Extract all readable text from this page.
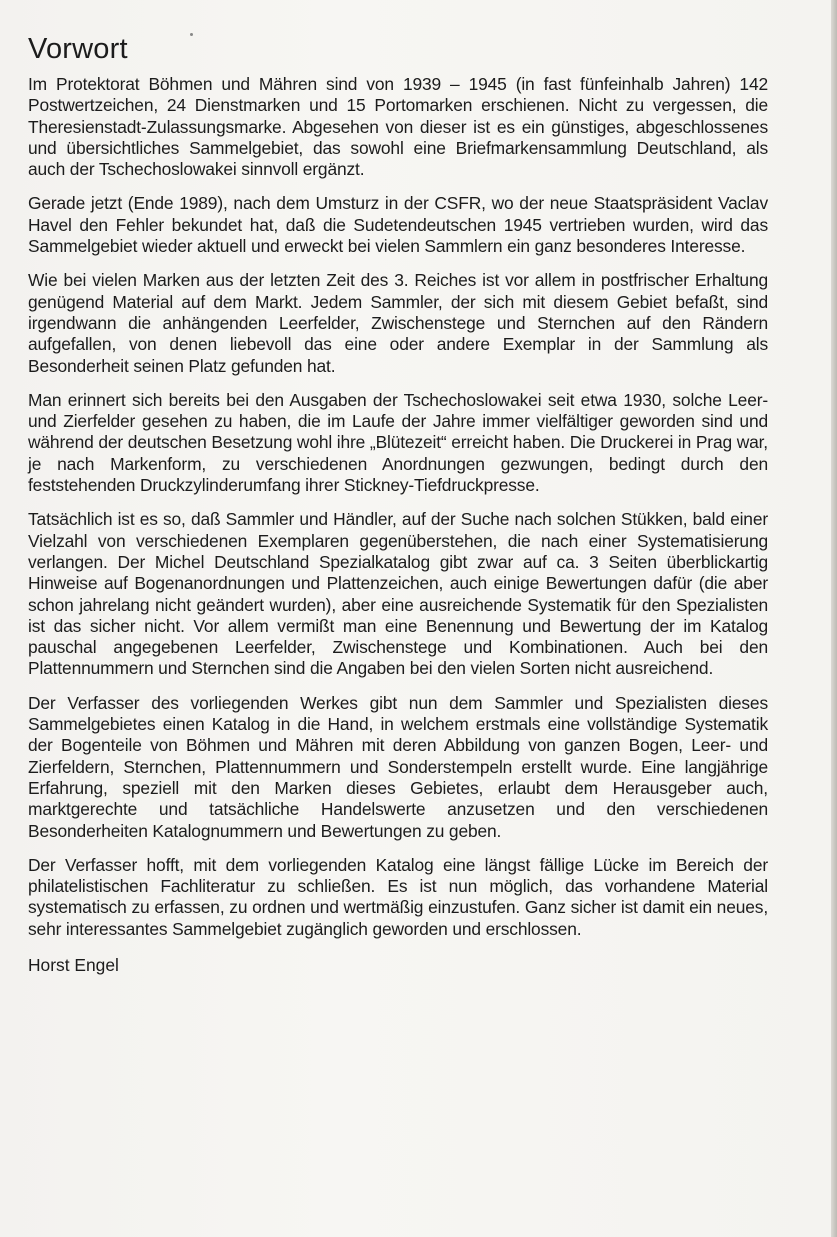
Vorwort

Im Protektorat Böhmen und Mähren sind von 1939 – 1945 (in fast fünfeinhalb Jahren) 142 Postwertzeichen, 24 Dienstmarken und 15 Portomarken erschienen. Nicht zu vergessen, die Theresienstadt-Zulassungsmarke. Abgesehen von dieser ist es ein günstiges, abgeschlossenes und übersichtliches Sammelgebiet, das sowohl eine Briefmarkensammlung Deutschland, als auch der Tschechoslowakei sinnvoll ergänzt.

Gerade jetzt (Ende 1989), nach dem Umsturz in der CSFR, wo der neue Staatspräsident Vaclav Havel den Fehler bekundet hat, daß die Sudetendeutschen 1945 vertrieben wurden, wird das Sammelgebiet wieder aktuell und erweckt bei vielen Sammlern ein ganz besonderes Interesse.

Wie bei vielen Marken aus der letzten Zeit des 3. Reiches ist vor allem in postfrischer Erhaltung genügend Material auf dem Markt. Jedem Sammler, der sich mit diesem Gebiet befaßt, sind irgendwann die anhängenden Leerfelder, Zwischenstege und Sternchen auf den Rändern aufgefallen, von denen liebevoll das eine oder andere Exemplar in der Sammlung als Besonderheit seinen Platz gefunden hat.

Man erinnert sich bereits bei den Ausgaben der Tschechoslowakei seit etwa 1930, solche Leer- und Zierfelder gesehen zu haben, die im Laufe der Jahre immer vielfältiger geworden sind und während der deutschen Besetzung wohl ihre „Blütezeit“ erreicht haben. Die Druckerei in Prag war, je nach Markenform, zu verschiedenen Anordnungen gezwungen, bedingt durch den feststehenden Druckzylinderumfang ihrer Stickney-Tiefdruckpresse.

Tatsächlich ist es so, daß Sammler und Händler, auf der Suche nach solchen Stükken, bald einer Vielzahl von verschiedenen Exemplaren gegenüberstehen, die nach einer Systematisierung verlangen. Der Michel Deutschland Spezialkatalog gibt zwar auf ca. 3 Seiten überblickartig Hinweise auf Bogenanordnungen und Plattenzeichen, auch einige Bewertungen dafür (die aber schon jahrelang nicht geändert wurden), aber eine ausreichende Systematik für den Spezialisten ist das sicher nicht. Vor allem vermißt man eine Benennung und Bewertung der im Katalog pauschal angegebenen Leerfelder, Zwischenstege und Kombinationen. Auch bei den Plattennummern und Sternchen sind die Angaben bei den vielen Sorten nicht ausreichend.

Der Verfasser des vorliegenden Werkes gibt nun dem Sammler und Spezialisten dieses Sammelgebietes einen Katalog in die Hand, in welchem erstmals eine vollständige Systematik der Bogenteile von Böhmen und Mähren mit deren Abbildung von ganzen Bogen, Leer- und Zierfeldern, Sternchen, Plattennummern und Sonderstempeln erstellt wurde. Eine langjährige Erfahrung, speziell mit den Marken dieses Gebietes, erlaubt dem Herausgeber auch, marktgerechte und tatsächliche Handelswerte anzusetzen und den verschiedenen Besonderheiten Katalognummern und Bewertungen zu geben.

Der Verfasser hofft, mit dem vorliegenden Katalog eine längst fällige Lücke im Bereich der philatelistischen Fachliteratur zu schließen. Es ist nun möglich, das vorhandene Material systematisch zu erfassen, zu ordnen und wertmäßig einzustufen. Ganz sicher ist damit ein neues, sehr interessantes Sammelgebiet zugänglich geworden und erschlossen.

Horst Engel
